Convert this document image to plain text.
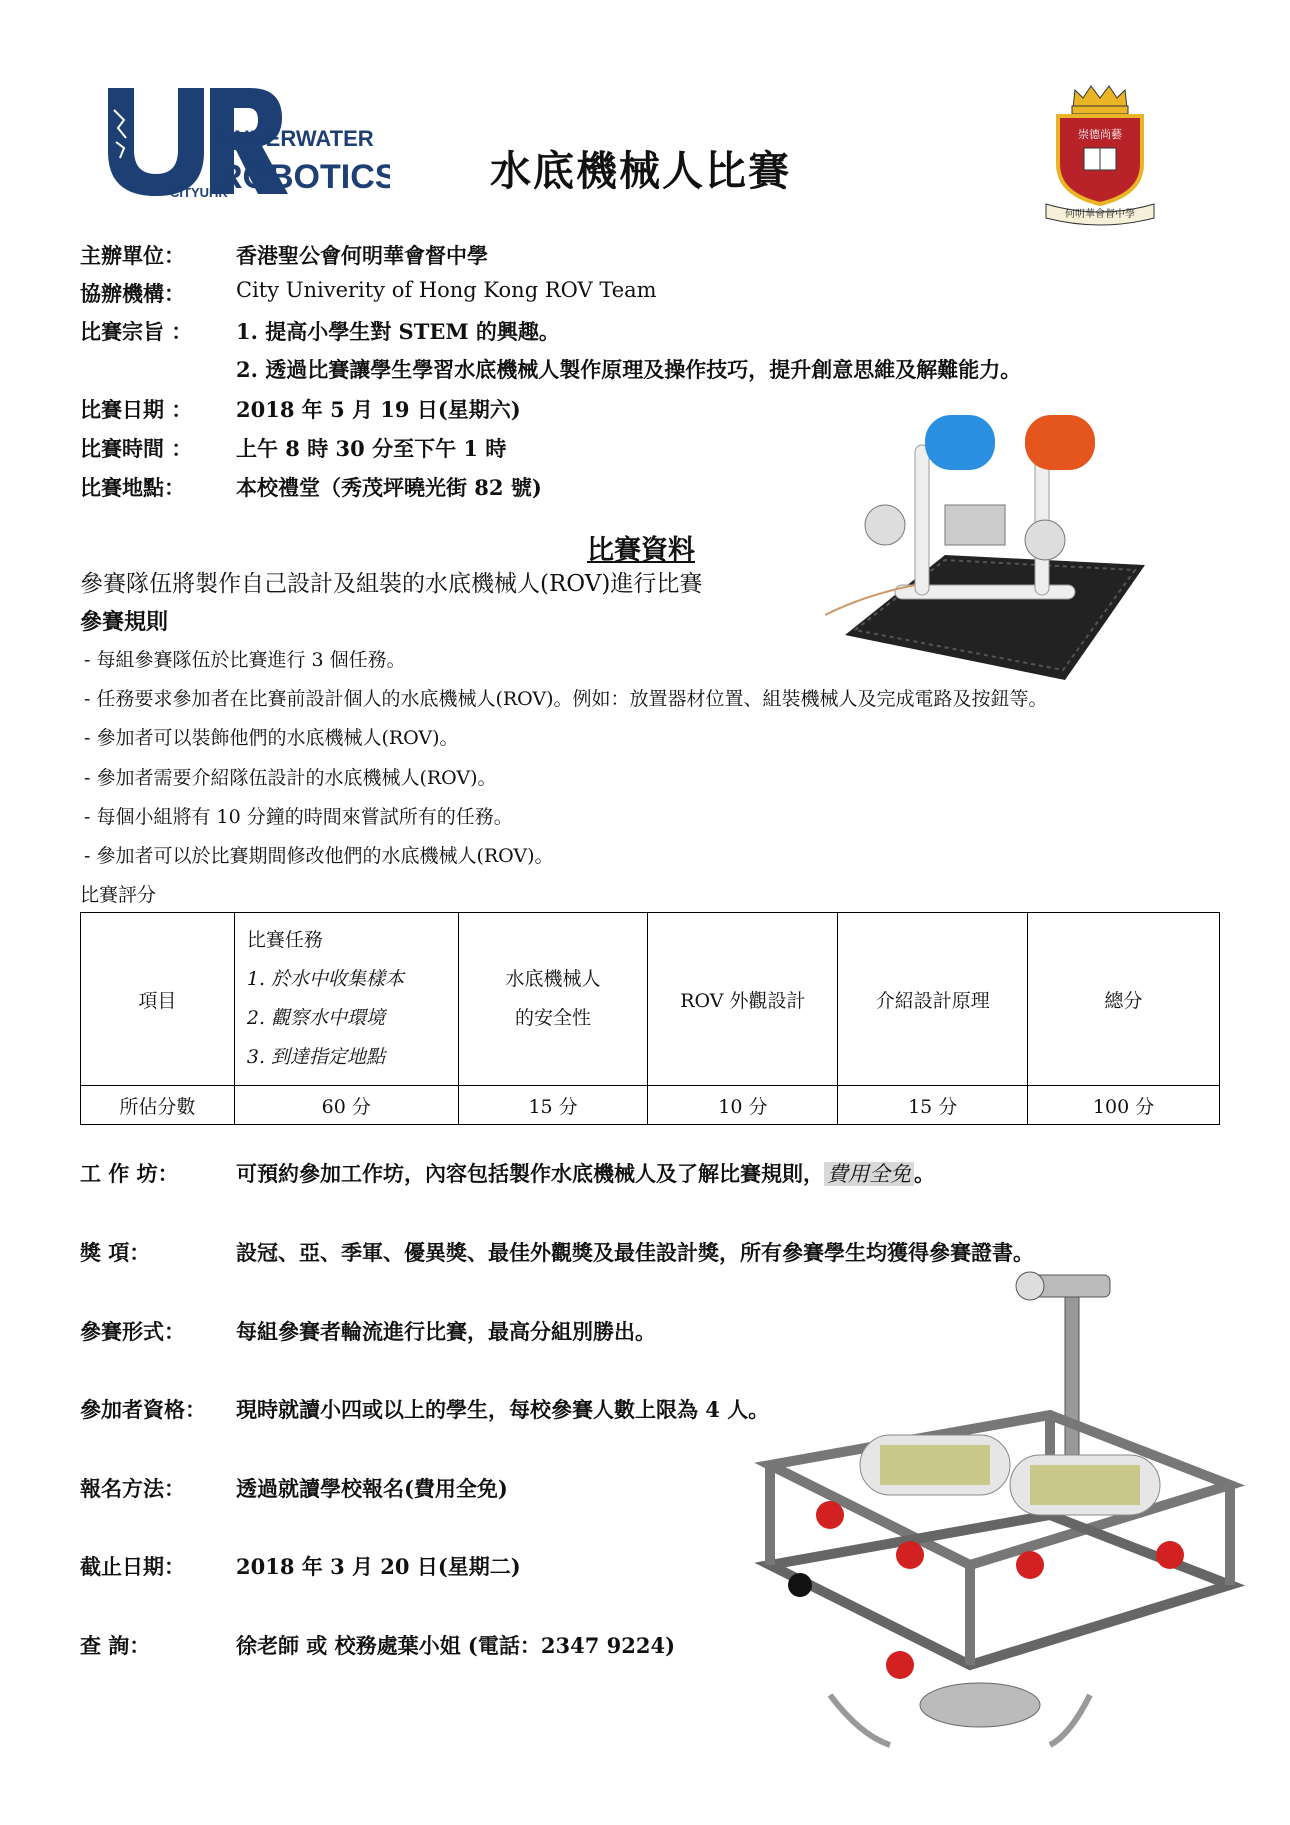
UNDERWATER
ROBOTICS
CITYUHK	水底機械人比賽
崇德尚藝
何明華會督中學
主辦單位： 香港聖公會何明華會督中學
協辦機構： City Univerity of Hong Kong ROV Team
比賽宗旨 ： 1. 提高小學生對 STEM 的興趣。
2. 透過比賽讓學生學習水底機械人製作原理及操作技巧，提升創意思維及解難能力。
比賽日期 ： 2018 年 5 月 19 日(星期六)
比賽時間 ： 上午 8 時 30 分至下午 1 時
比賽地點： 本校禮堂（秀茂坪曉光街 82 號)
比賽資料
參賽隊伍將製作自己設計及組裝的水底機械人(ROV)進行比賽
參賽規則
- 每組參賽隊伍於比賽進行 3 個任務。
- 任務要求參加者在比賽前設計個人的水底機械人(ROV)。例如：放置器材位置、組裝機械人及完成電路及按鈕等。
- 參加者可以裝飾他們的水底機械人(ROV)。
- 參加者需要介紹隊伍設計的水底機械人(ROV)。
- 每個小組將有 10 分鐘的時間來嘗試所有的任務。
- 參加者可以於比賽期間修改他們的水底機械人(ROV)。
比賽評分
項目	比賽任務
1. 於水中收集樣本
2. 觀察水中環境
3. 到達指定地點	水底機械人
的安全性	ROV 外觀設計	介紹設計原理	總分
所佔分數	60 分	15 分	10 分	15 分	100 分
工 作 坊：	可預約參加工作坊，內容包括製作水底機械人及了解比賽規則， 費用全免 。
獎 項：	設冠、亞、季軍、優異獎、最佳外觀獎及最佳設計獎，所有參賽學生均獲得參賽證書。
參賽形式： 每組參賽者輪流進行比賽，最高分組別勝出。
參加者資格： 現時就讀小四或以上的學生，每校參賽人數上限為 4 人。
報名方法： 透過就讀學校報名(費用全免)
截止日期： 2018 年 3 月 20 日(星期二)
查 詢：	徐老師 或 校務處葉小姐 (電話：2347 9224)
